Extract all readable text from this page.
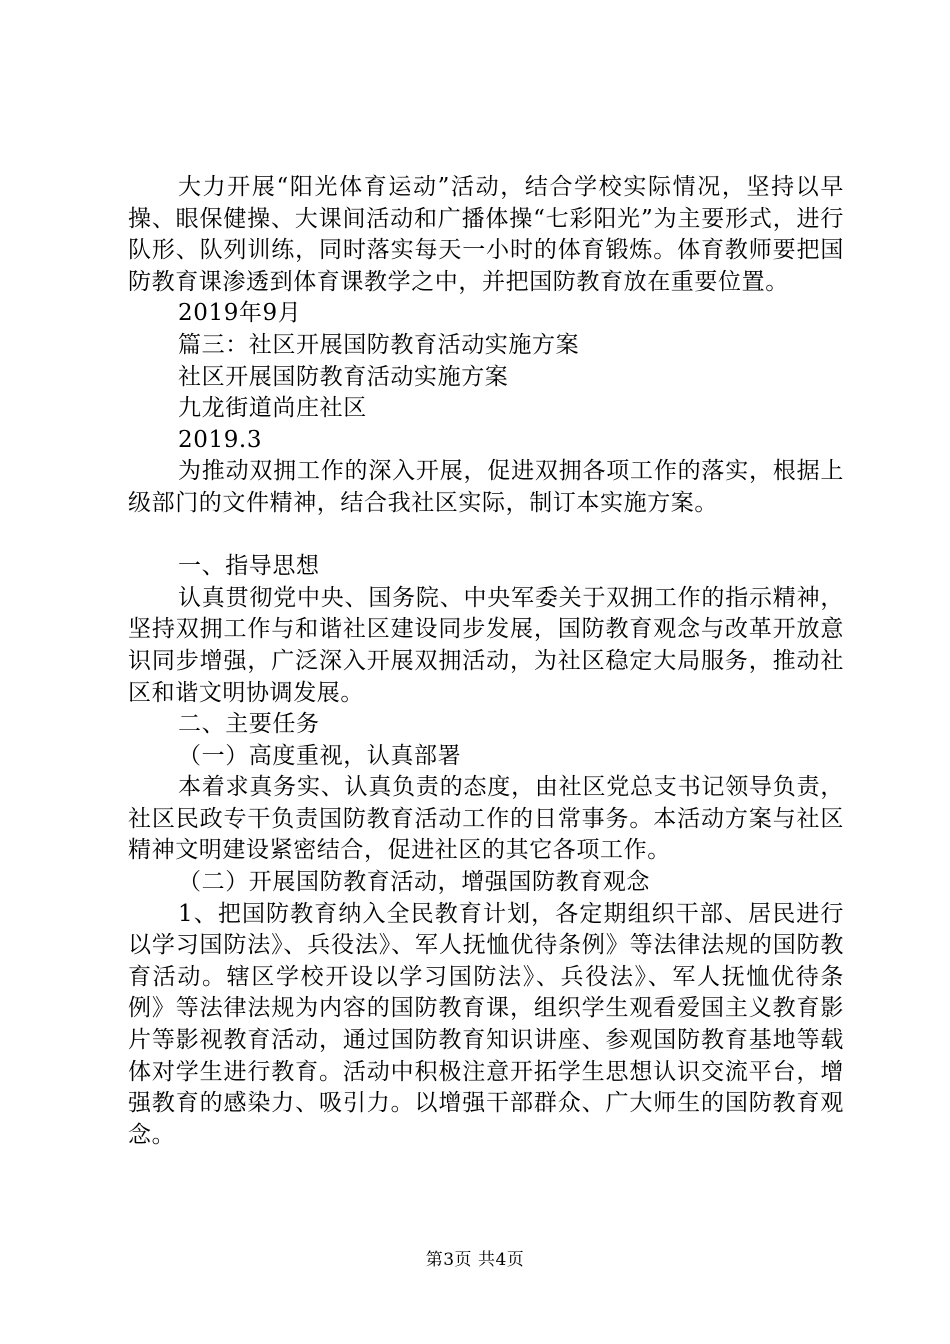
大力开展“阳光体育运动”活动，结合学校实际情况，坚持以早操、眼保健操、大课间活动和广播体操“七彩阳光”为主要形式，进行队形、队列训练，同时落实每天一小时的体育锻炼。体育教师要把国防教育课渗透到体育课教学之中，并把国防教育放在重要位置。

2019年9月

篇三：社区开展国防教育活动实施方案

社区开展国防教育活动实施方案

九龙街道尚庄社区

2019.3

为推动双拥工作的深入开展，促进双拥各项工作的落实，根据上级部门的文件精神，结合我社区实际，制订本实施方案。

一、指导思想

认真贯彻党中央、国务院、中央军委关于双拥工作的指示精神，坚持双拥工作与和谐社区建设同步发展，国防教育观念与改革开放意识同步增强，广泛深入开展双拥活动，为社区稳定大局服务，推动社区和谐文明协调发展。

二、主要任务

（一）高度重视，认真部署

本着求真务实、认真负责的态度，由社区党总支书记领导负责，社区民政专干负责国防教育活动工作的日常事务。本活动方案与社区精神文明建设紧密结合，促进社区的其它各项工作。

（二）开展国防教育活动，增强国防教育观念

1、把国防教育纳入全民教育计划，各定期组织干部、居民进行以学习国防法》、兵役法》、军人抚恤优待条例》等法律法规的国防教育活动。辖区学校开设以学习国防法》、兵役法》、军人抚恤优待条例》等法律法规为内容的国防教育课，组织学生观看爱国主义教育影片等影视教育活动，通过国防教育知识讲座、参观国防教育基地等载体对学生进行教育。活动中积极注意开拓学生思想认识交流平台，增强教育的感染力、吸引力。以增强干部群众、广大师生的国防教育观念。

第3页 共4页
